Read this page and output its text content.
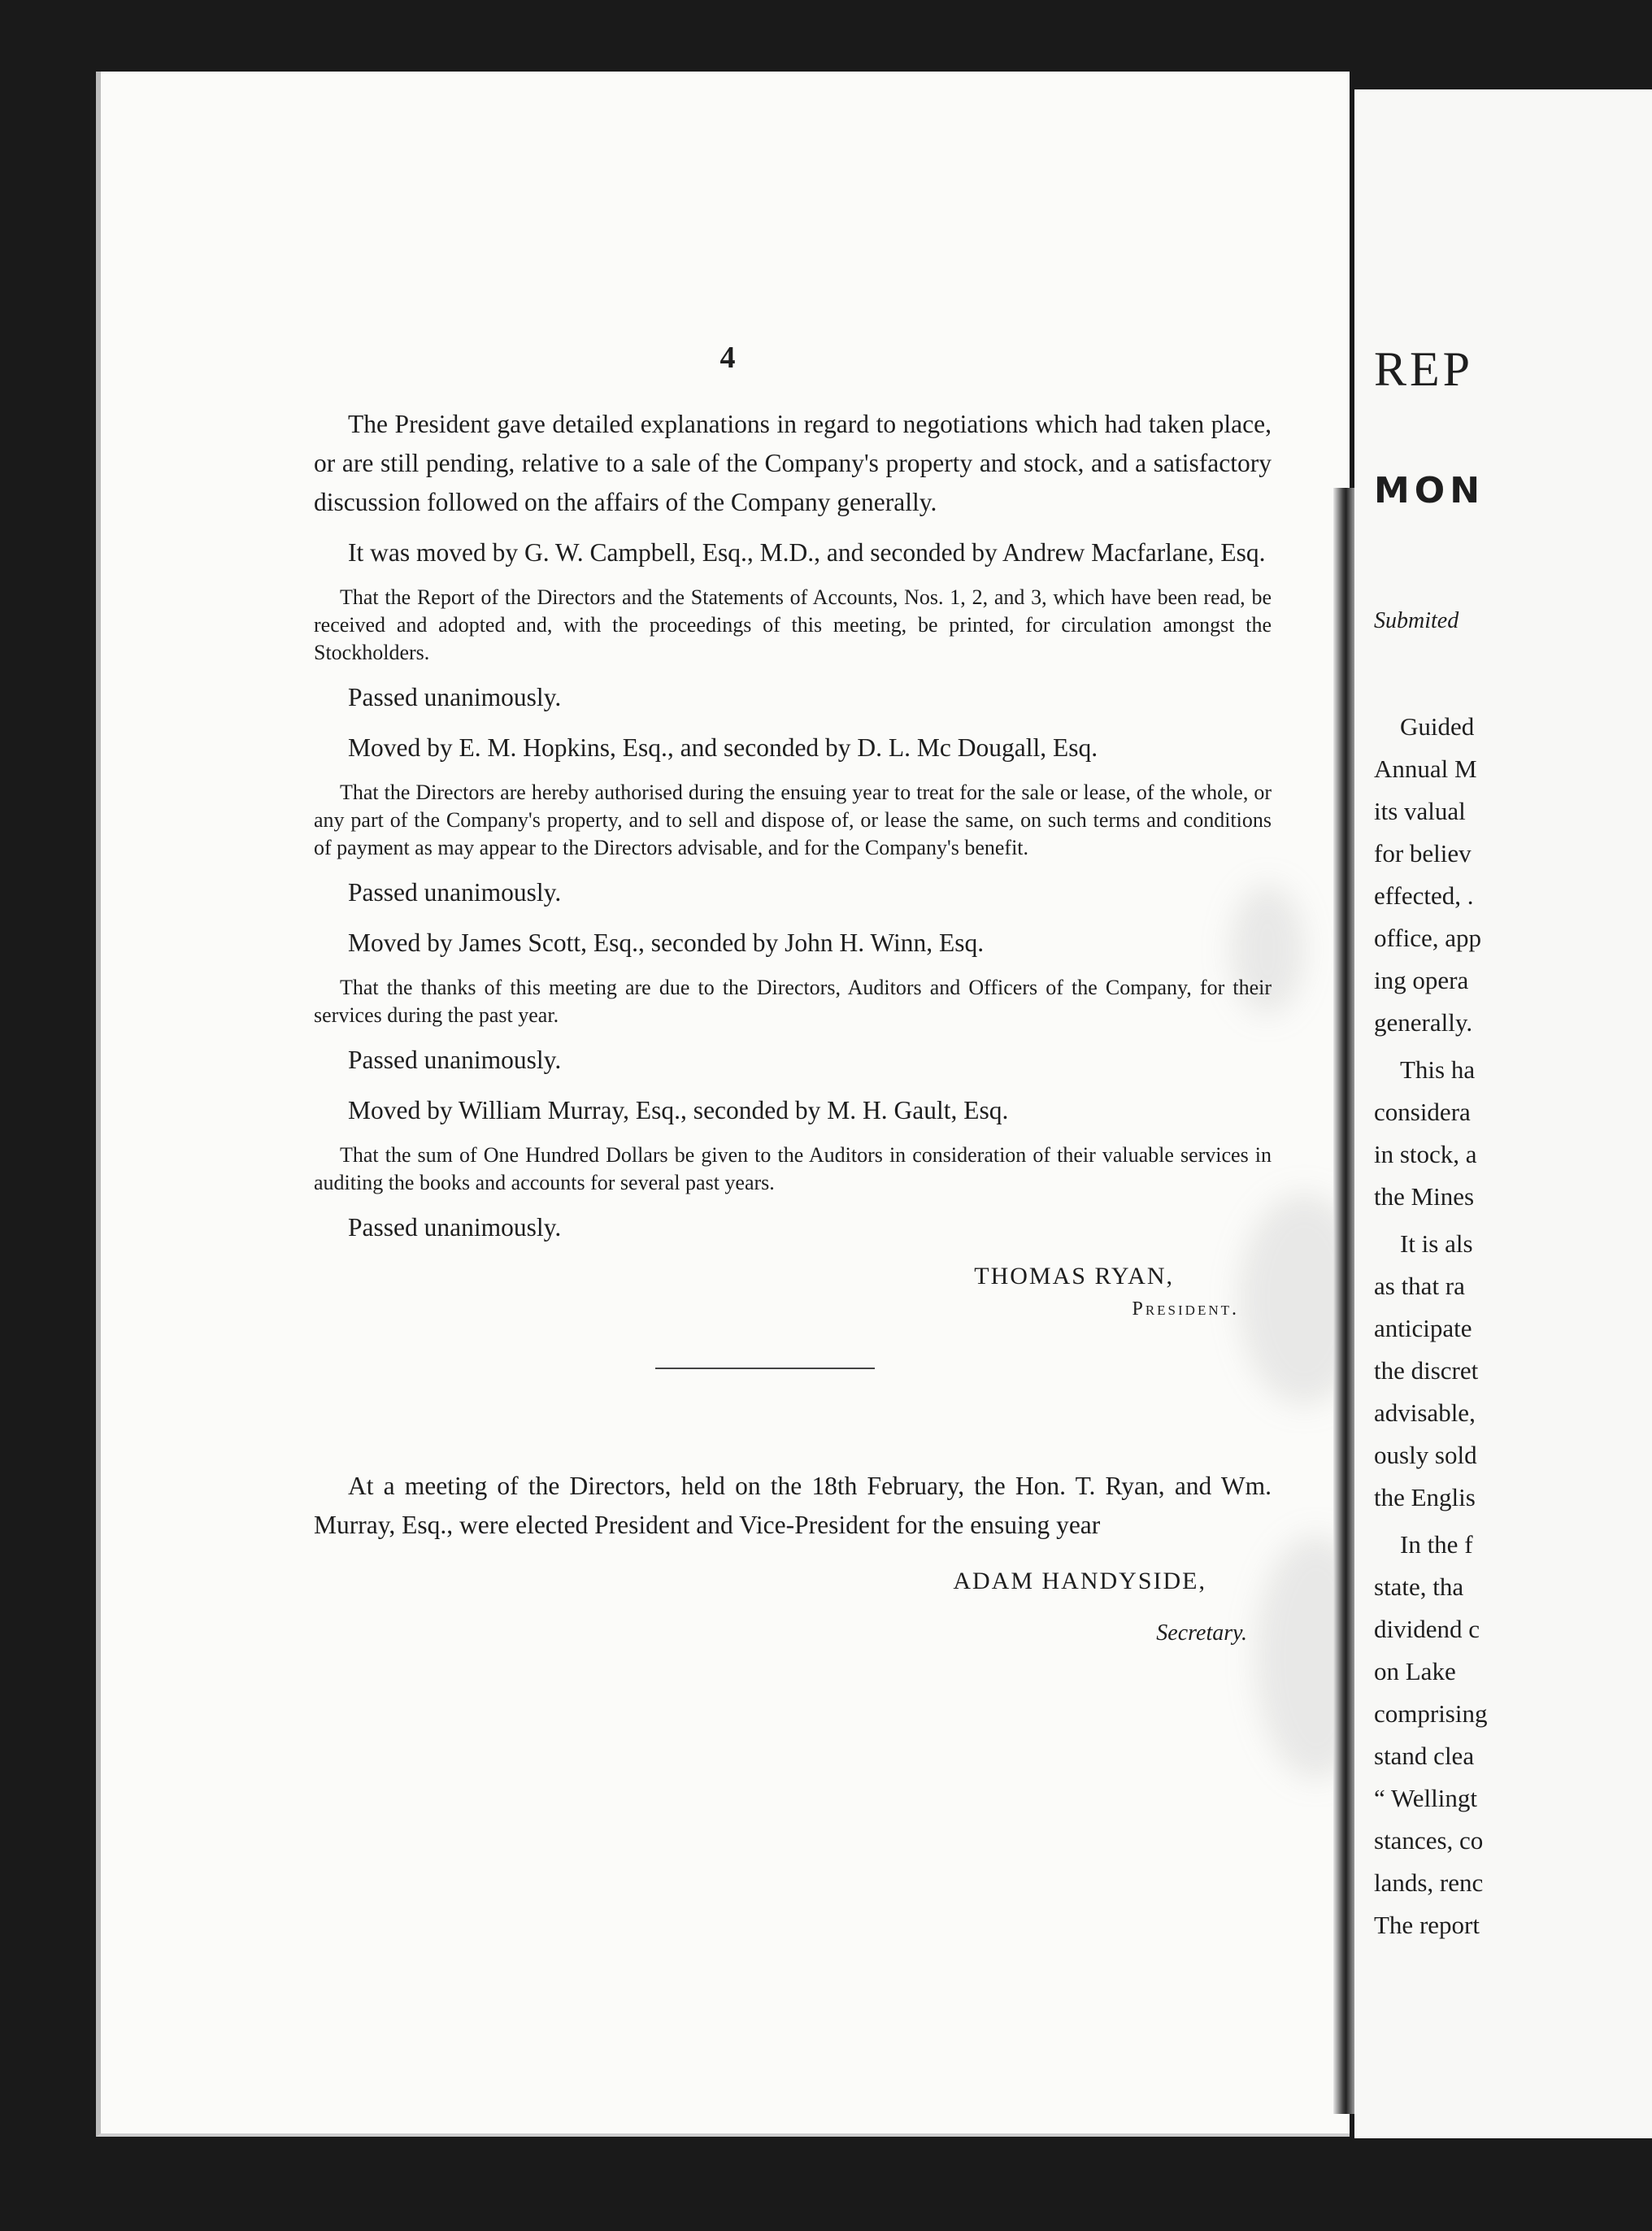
4

The President gave detailed explanations in regard to negotiations which had taken place, or are still pending, relative to a sale of the Company's property and stock, and a satisfactory discussion followed on the affairs of the Company generally.

It was moved by G. W. Campbell, Esq., M.D., and seconded by Andrew Macfarlane, Esq.

That the Report of the Directors and the Statements of Accounts, Nos. 1, 2, and 3, which have been read, be received and adopted and, with the proceedings of this meeting, be printed, for circulation amongst the Stockholders.

Passed unanimously.

Moved by E. M. Hopkins, Esq., and seconded by D. L. Mc Dougall, Esq.

That the Directors are hereby authorised during the ensuing year to treat for the sale or lease, of the whole, or any part of the Company's property, and to sell and dispose of, or lease the same, on such terms and conditions of payment as may appear to the Directors advisable, and for the Company's benefit.

Passed unanimously.

Moved by James Scott, Esq., seconded by John H. Winn, Esq.

That the thanks of this meeting are due to the Directors, Auditors and Officers of the Company, for their services during the past year.

Passed unanimously.

Moved by William Murray, Esq., seconded by M. H. Gault, Esq.

That the sum of One Hundred Dollars be given to the Auditors in consideration of their valuable services in auditing the books and accounts for several past years.

Passed unanimously.

THOMAS RYAN,

President.

At a meeting of the Directors, held on the 18th February, the Hon. T. Ryan, and Wm. Murray, Esq., were elected President and Vice-President for the ensuing year

ADAM HANDYSIDE,

Secretary.

REP
MON
Submited
Guided
Annual M
its valual
for believ
effected, .
office, app
ing opera
generally.
This ha
considera
in stock, a
the Mines
It is als
as that ra
anticipate
the discret
advisable,
ously sold
the Englis
In the f
state, tha
dividend c
on Lake
comprising
stand clea
“ Wellingt
stances, co
lands, renc
The report
